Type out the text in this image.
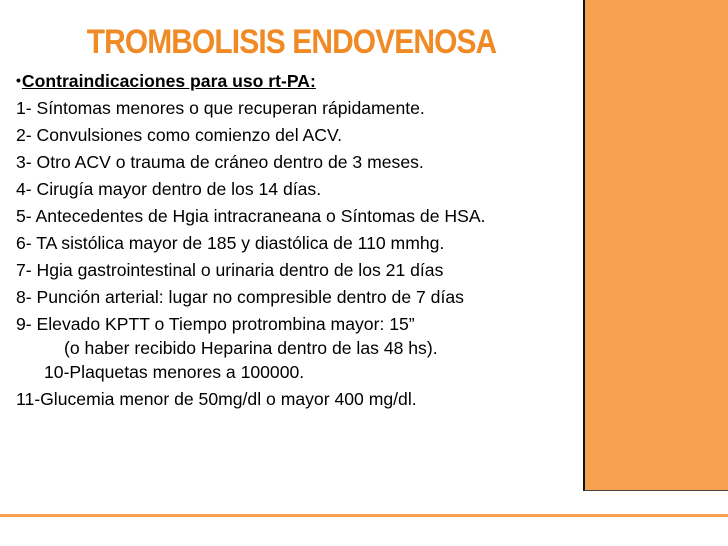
TROMBOLISIS ENDOVENOSA

•Contraindicaciones para uso rt-PA:

1- Síntomas menores o que recuperan rápidamente.

2- Convulsiones como comienzo del ACV.

3- Otro ACV o trauma de cráneo dentro de 3 meses.

4- Cirugía mayor dentro de los 14 días.

5- Antecedentes de Hgia intracraneana o Síntomas de HSA.

6- TA sistólica mayor de 185 y diastólica de 110 mmhg.

7- Hgia gastrointestinal o urinaria dentro de los 21 días

8- Punción arterial: lugar no compresible dentro de 7 días

9- Elevado KPTT o Tiempo protrombina mayor: 15”

(o haber recibido Heparina dentro de las 48 hs).

10-Plaquetas menores a 100000.

11-Glucemia menor de 50mg/dl o mayor 400 mg/dl.
